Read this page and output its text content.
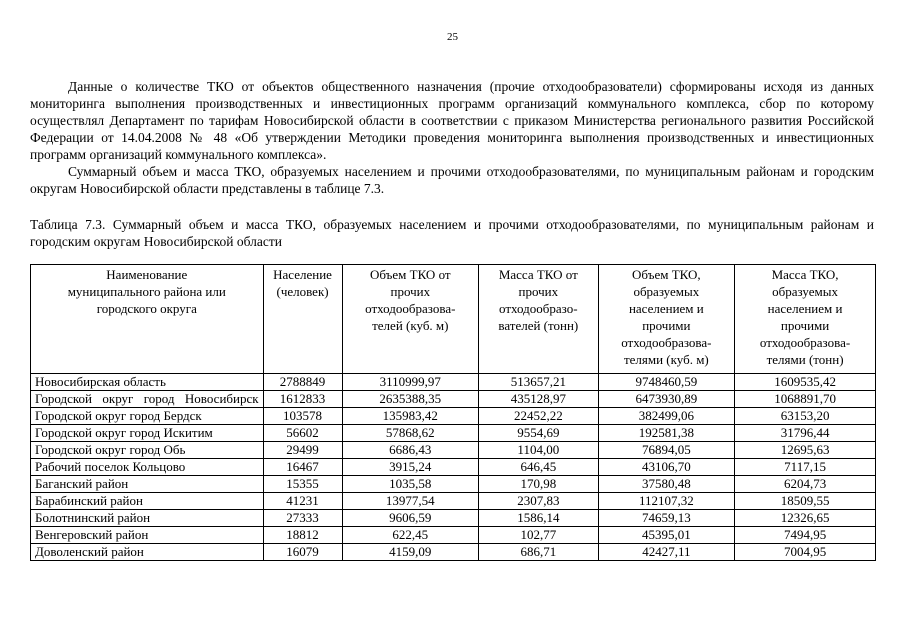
25

Данные о количестве ТКО от объектов общественного назначения (прочие отходообразователи) сформированы исходя из данных мониторинга выполнения производственных и инвестиционных программ организаций коммунального комплекса, сбор по которому осуществлял Департамент по тарифам Новосибирской области в соответствии с приказом Министерства регионального развития Российской Федерации от 14.04.2008 № 48 «Об утверждении Методики проведения мониторинга выполнения производственных и инвестиционных программ организаций коммунального комплекса».

Суммарный объем и масса ТКО, образуемых населением и прочими отходообразователями, по муниципальным районам и городским округам Новосибирской области представлены в таблице 7.3.

Таблица 7.3. Суммарный объем и масса ТКО, образуемых населением и прочими отходообразователями, по муниципальным районам и городским округам Новосибирской области

Наименование муниципального района или городского округа	Население (человек)	Объем ТКО от прочих отходообразова-телей (куб. м)	Масса ТКО от прочих отходообразо-вателей (тонн)	Объем ТКО, образуемых населением и прочими отходообразова-телями (куб. м)	Масса ТКО, образуемых населением и прочими отходообразова-телями (тонн)

Новосибирская область	2788849	3110999,97	513657,21	9748460,59	1609535,42
Городской округ город Новосибирск	1612833	2635388,35	435128,97	6473930,89	1068891,70
Городской округ город Бердск	103578	135983,42	22452,22	382499,06	63153,20
Городской округ город Искитим	56602	57868,62	9554,69	192581,38	31796,44
Городской округ город Обь	29499	6686,43	1104,00	76894,05	12695,63
Рабочий поселок Кольцово	16467	3915,24	646,45	43106,70	7117,15
Баганский район	15355	1035,58	170,98	37580,48	6204,73
Барабинский район	41231	13977,54	2307,83	112107,32	18509,55
Болотнинский район	27333	9606,59	1586,14	74659,13	12326,65
Венгеровский район	18812	622,45	102,77	45395,01	7494,95
Доволенский район	16079	4159,09	686,71	42427,11	7004,95
